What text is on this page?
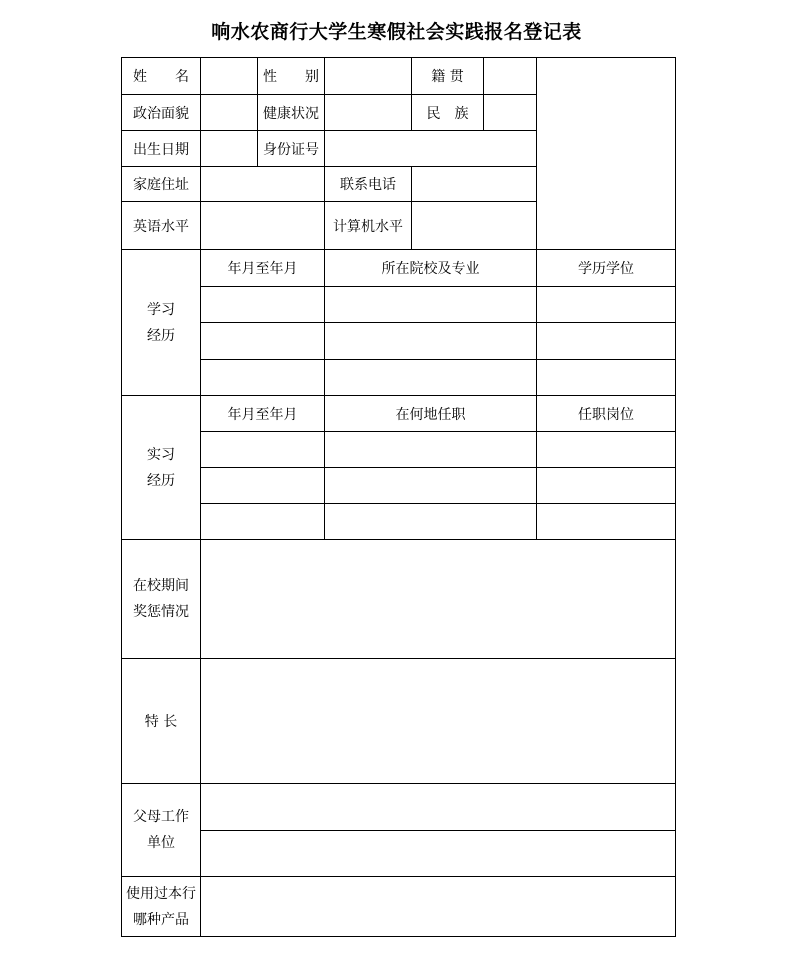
响水农商行大学生寒假社会实践报名登记表
姓　　名		性　　别		籍 贯		
政治面貌		健康状况		民　族		
出生日期		身份证号				
家庭住址			联系电话			
英语水平			计算机水平			

学习
经历	年月至年月		所在院校及专业			学历学位

实习
经历	年月至年月		在何地任职			任职岗位

在校期间
奖惩情况						

特 长						

父母工作
单位						

使用过本行
哪种产品						
